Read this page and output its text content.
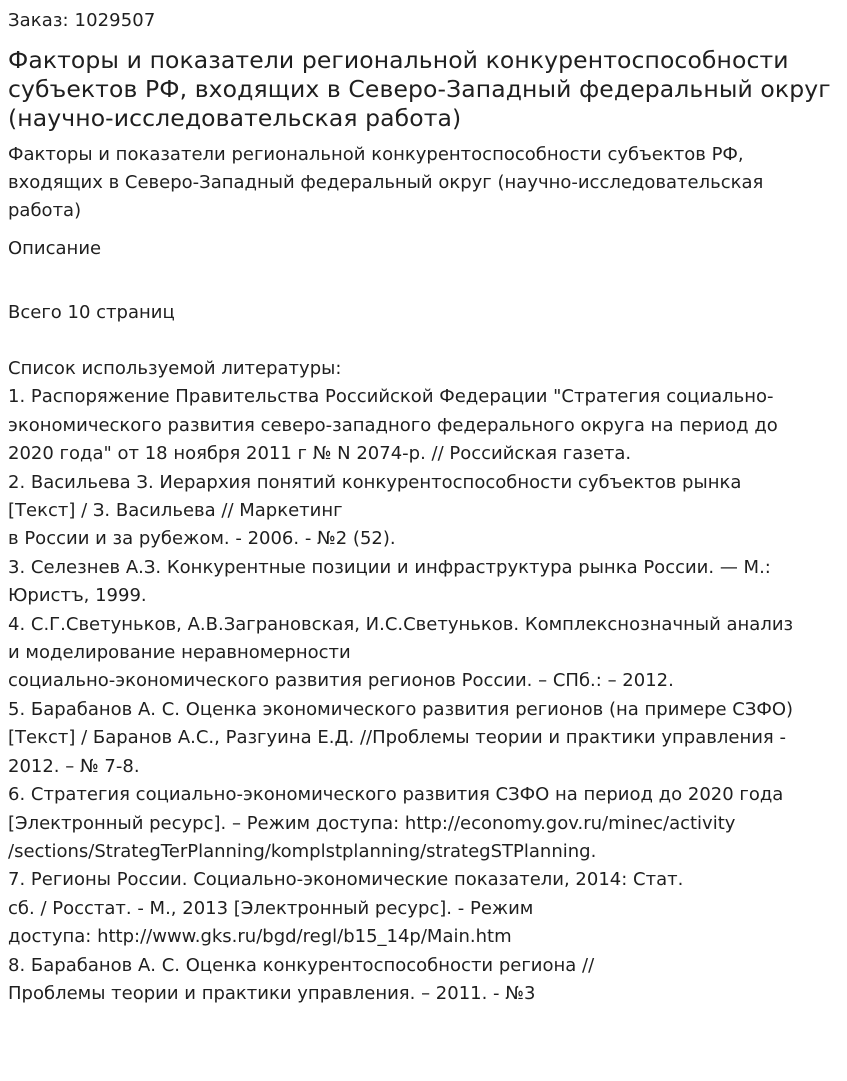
Заказ: 1029507
Факторы и показатели региональной конкурентоспособности субъектов РФ, входящих в Северо-Западный федеральный округ (научно-исследовательская работа)
Факторы и показатели региональной конкурентоспособности субъектов РФ, входящих в Северо-Западный федеральный округ (научно-исследовательская работа)
Описание
Всего 10 страниц
Список используемой литературы:
1. Распоряжение Правительства Российской Федерации "Стратегия социально-
экономического развития северо-западного федерального округа на период до
2020 года" от 18 ноября 2011 г № N 2074-р. // Российская газета.
2. Васильева З. Иерархия понятий конкурентоспособности субъектов рынка
[Текст] / З. Васильева // Маркетинг
в России и за рубежом. - 2006. - №2 (52).
3. Селезнев А.З. Конкурентные позиции и инфраструктура рынка России. — М.:
Юристъ, 1999.
4. С.Г.Светуньков, А.В.Заграновская, И.С.Светуньков. Комплекснозначный анализ
и моделирование неравномерности
социально-экономического развития регионов России. – СПб.: – 2012.
5. Барабанов А. С. Оценка экономического развития регионов (на примере СЗФО)
[Текст] / Баранов А.С., Разгуина Е.Д. //Проблемы теории и практики управления -
2012. – № 7-8.
6. Стратегия социально-экономического развития СЗФО на период до 2020 года
[Электронный ресурс]. – Режим доступа: http://economy.gov.ru/minec/activity
/sections/StrategTerPlanning/komplstplanning/strategSTPlanning.
7. Регионы России. Социально-экономические показатели, 2014: Стат.
сб. / Росстат. - М., 2013 [Электронный ресурс]. - Режим
доступа: http://www.gks.ru/bgd/regl/b15_14p/Main.htm
8. Барабанов А. С. Оценка конкурентоспособности региона //
Проблемы теории и практики управления. – 2011. - №3
